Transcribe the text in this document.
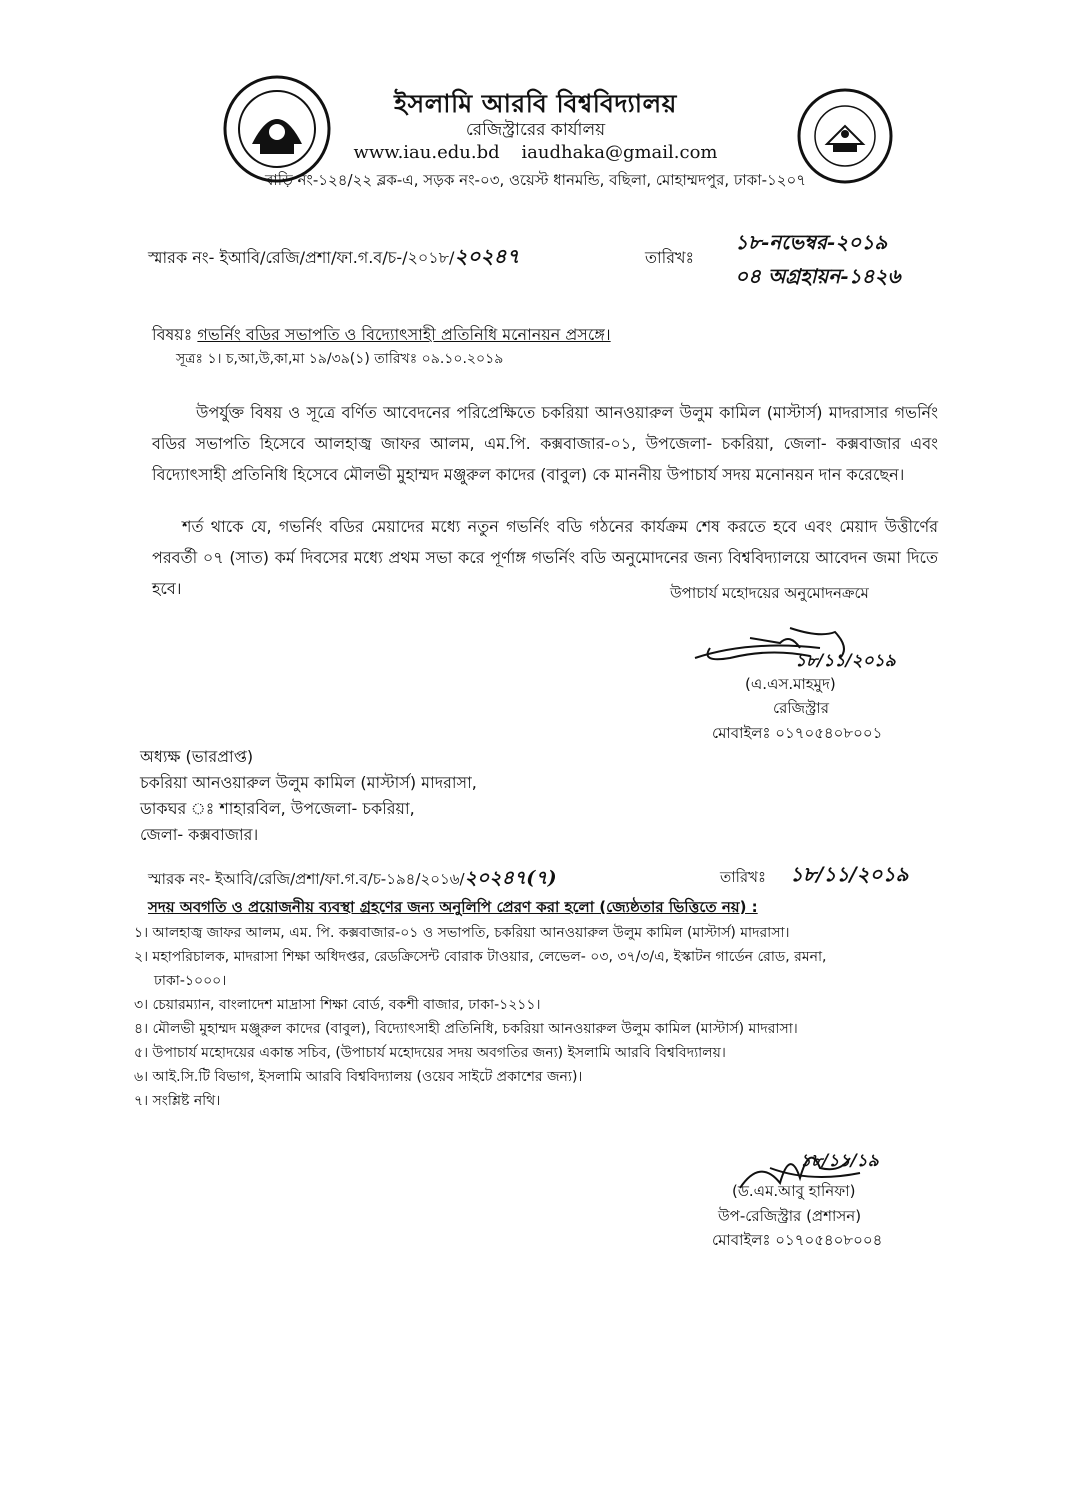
ইসলামি আরবি বিশ্ববিদ্যালয়
রেজিস্ট্রারের কার্যালয়
www.iau.edu.bd iaudhaka@gmail.com
বাড়ি নং-১২৪/২২ ব্লক-এ, সড়ক নং-০৩, ওয়েস্ট ধানমন্ডি, বছিলা, মোহাম্মদপুর, ঢাকা-১২০৭
স্মারক নং- ইআবি/রেজি/প্রশা/ফা.গ.ব/চ-/২০১৮/২০২৪৭	তারিখঃ
১৮-নভেম্বর-২০১৯
০৪ অগ্রহায়ন-১৪২৬
বিষয়ঃ গভর্নিং বডির সভাপতি ও বিদ্যোৎসাহী প্রতিনিধি মনোনয়ন প্রসঙ্গে।
সূত্রঃ ১। চ,আ,উ,কা,মা ১৯/৩৯(১) তারিখঃ ০৯.১০.২০১৯
উপর্যুক্ত বিষয় ও সূত্রে বর্ণিত আবেদনের পরিপ্রেক্ষিতে চকরিয়া আনওয়ারুল উলুম কামিল (মাস্টার্স) মাদরাসার গভর্নিং বডির সভাপতি হিসেবে আলহাজ্ব জাফর আলম, এম.পি. কক্সবাজার-০১, উপজেলা- চকরিয়া, জেলা- কক্সবাজার এবং বিদ্যোৎসাহী প্রতিনিধি হিসেবে মৌলভী মুহাম্মদ মঞ্জুরুল কাদের (বাবুল) কে মাননীয় উপাচার্য সদয় মনোনয়ন দান করেছেন।
শর্ত থাকে যে, গভর্নিং বডির মেয়াদের মধ্যে নতুন গভর্নিং বডি গঠনের কার্যক্রম শেষ করতে হবে এবং মেয়াদ উত্তীর্ণের পরবর্তী ০৭ (সাত) কর্ম দিবসের মধ্যে প্রথম সভা করে পূর্ণাঙ্গ গভর্নিং বডি অনুমোদনের জন্য বিশ্ববিদ্যালয়ে আবেদন জমা দিতে হবে।	উপাচার্য মহোদয়ের অনুমোদনক্রমে
১৮/১১/২০১৯
(এ.এস.মাহমুদ)
রেজিস্ট্রার
মোবাইলঃ ০১৭০৫৪০৮০০১
অধ্যক্ষ (ভারপ্রাপ্ত)
চকরিয়া আনওয়ারুল উলুম কামিল (মাস্টার্স) মাদরাসা,
ডাকঘর ঃ শাহারবিল, উপজেলা- চকরিয়া,
জেলা- কক্সবাজার।
স্মারক নং- ইআবি/রেজি/প্রশা/ফা.গ.ব/চ-১৯৪/২০১৬/২০২৪৭(৭)	তারিখঃ ১৮/১১/২০১৯
সদয় অবগতি ও প্রয়োজনীয় ব্যবস্থা গ্রহণের জন্য অনুলিপি প্রেরণ করা হলো (জ্যেষ্ঠতার ভিত্তিতে নয়) :
১। আলহাজ্ব জাফর আলম, এম. পি. কক্সবাজার-০১ ও সভাপতি, চকরিয়া আনওয়ারুল উলুম কামিল (মাস্টার্স) মাদরাসা।
২। মহাপরিচালক, মাদরাসা শিক্ষা অধিদপ্তর, রেডক্রিসেন্ট বোরাক টাওয়ার, লেভেল- ০৩, ৩৭/৩/এ, ইস্কাটন গার্ডেন রোড, রমনা,
ঢাকা-১০০০।
৩। চেয়ারম্যান, বাংলাদেশ মাদ্রাসা শিক্ষা বোর্ড, বকশী বাজার, ঢাকা-১২১১।
৪। মৌলভী মুহাম্মদ মঞ্জুরুল কাদের (বাবুল), বিদ্যোৎসাহী প্রতিনিধি, চকরিয়া আনওয়ারুল উলুম কামিল (মাস্টার্স) মাদরাসা।
৫। উপাচার্য মহোদয়ের একান্ত সচিব, (উপাচার্য মহোদয়ের সদয় অবগতির জন্য) ইসলামি আরবি বিশ্ববিদ্যালয়।
৬। আই.সি.টি বিভাগ, ইসলামি আরবি বিশ্ববিদ্যালয় (ওয়েব সাইটে প্রকাশের জন্য)।
৭। সংশ্লিষ্ট নথি।
১৮/১১/১৯
(ড.এম.আবু হানিফা)
উপ-রেজিস্ট্রার (প্রশাসন)
মোবাইলঃ ০১৭০৫৪০৮০০৪
